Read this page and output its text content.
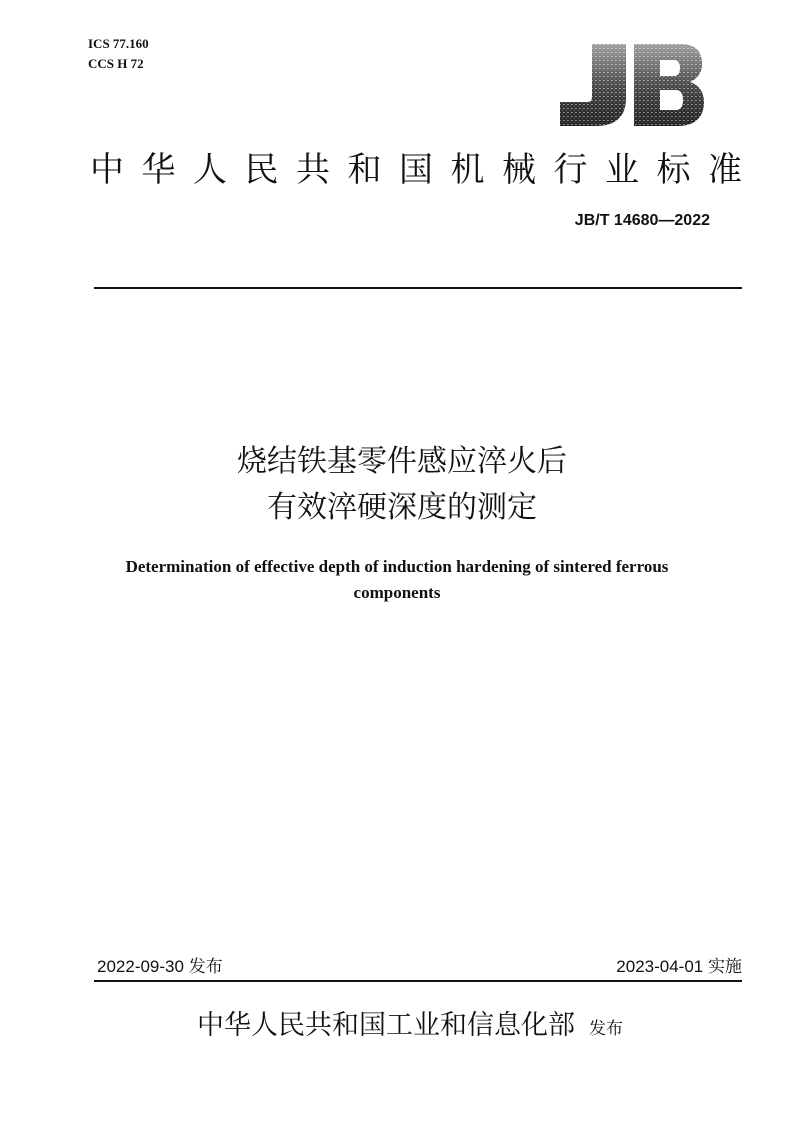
ICS 77.160
CCS H 72
中 华 人 民 共 和 国 机 械 行 业 标 准
JB/T 14680—2022
烧结铁基零件感应淬火后
有效淬硬深度的测定
Determination of effective depth of induction hardening of sintered ferrous
components
2022-09-30 发布	2023-04-01 实施
中华人民共和国工业和信息化部 发布
